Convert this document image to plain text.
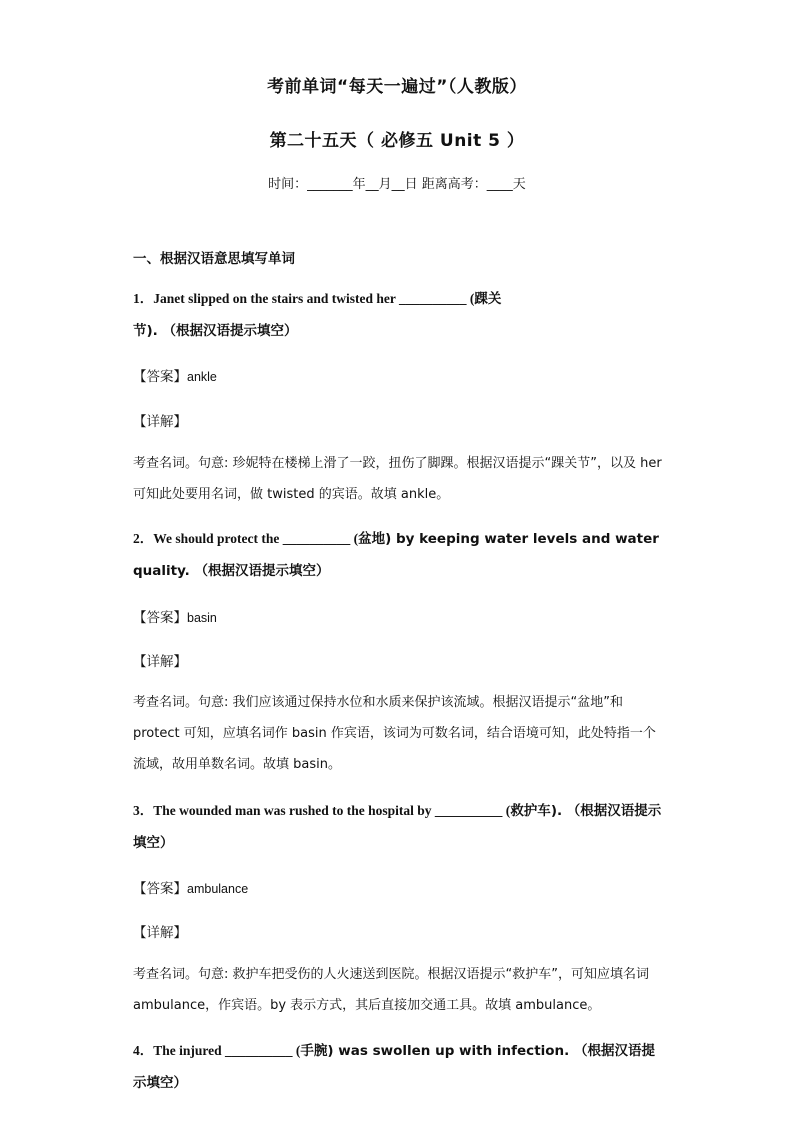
考前单词“每天一遍过”（人教版）
第二十五天（ 必修五 Unit 5 ）
时间：_______年__月__日 距离高考：____天
一、根据汉语意思填写单词
1．Janet slipped on the stairs and twisted her __________ (踝关节). （根据汉语提示填空）
【答案】ankle
【详解】
考查名词。句意: 珍妮特在楼梯上滑了一跤，扭伤了脚踝。根据汉语提示“踝关节”，以及 her 可知此处要用名词，做 twisted 的宾语。故填 ankle。
2．We should protect the __________ (盆地) by keeping water levels and water quality. （根据汉语提示填空）
【答案】basin
【详解】
考查名词。句意: 我们应该通过保持水位和水质来保护该流域。根据汉语提示“盆地”和 protect 可知，应填名词作 basin 作宾语，该词为可数名词，结合语境可知，此处特指一个流域，故用单数名词。故填 basin。
3．The wounded man was rushed to the hospital by __________ (救护车). （根据汉语提示填空）
【答案】ambulance
【详解】
考查名词。句意: 救护车把受伤的人火速送到医院。根据汉语提示“救护车”，可知应填名词 ambulance，作宾语。by 表示方式，其后直接加交通工具。故填 ambulance。
4．The injured __________ (手腕) was swollen up with infection. （根据汉语提示填空）
